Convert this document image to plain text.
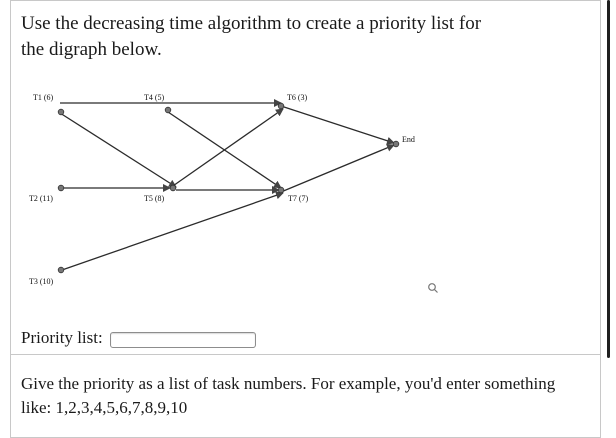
Use the decreasing time algorithm to create a priority list for the digraph below.

T1 (6)	T4 (5)	T6 (3)
End
T2 (11)	T5 (8)	T7 (7)
T3 (10)
Priority list:

Give the priority as a list of task numbers. For example, you'd enter something like: 1,2,3,4,5,6,7,8,9,10
